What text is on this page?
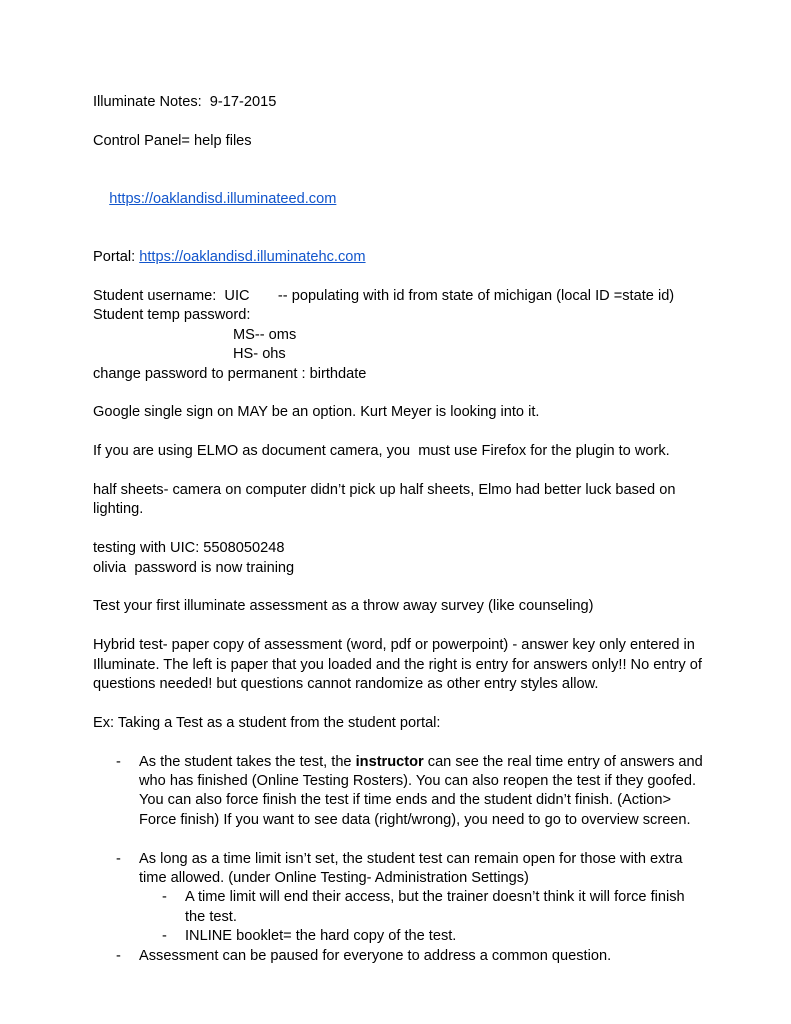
Illuminate Notes:  9-17-2015
Control Panel= help files

https://oaklandisd.illuminateed.com

Portal: https://oaklandisd.illuminatehc.com
Student username:  UIC       -- populating with id from state of michigan (local ID =state id)
Student temp password:
MS-- oms
HS- ohs
change password to permanent : birthdate
Google single sign on MAY be an option. Kurt Meyer is looking into it.
If you are using ELMO as document camera, you  must use Firefox for the plugin to work.
half sheets- camera on computer didn’t pick up half sheets, Elmo had better luck based on lighting.
testing with UIC: 5508050248
olivia  password is now training
Test your first illuminate assessment as a throw away survey (like counseling)
Hybrid test- paper copy of assessment (word, pdf or powerpoint) - answer key only entered in Illuminate. The left is paper that you loaded and the right is entry for answers only!! No entry of questions needed! but questions cannot randomize as other entry styles allow.
Ex: Taking a Test as a student from the student portal:
- As the student takes the test, the instructor can see the real time entry of answers and who has finished (Online Testing Rosters). You can also reopen the test if they goofed. You can also force finish the test if time ends and the student didn’t finish. (Action> Force finish) If you want to see data (right/wrong), you need to go to overview screen.
- As long as a time limit isn’t set, the student test can remain open for those with extra time allowed. (under Online Testing- Administration Settings)
- A time limit will end their access, but the trainer doesn’t think it will force finish the test.
- INLINE booklet= the hard copy of the test.
- Assessment can be paused for everyone to address a common question.
